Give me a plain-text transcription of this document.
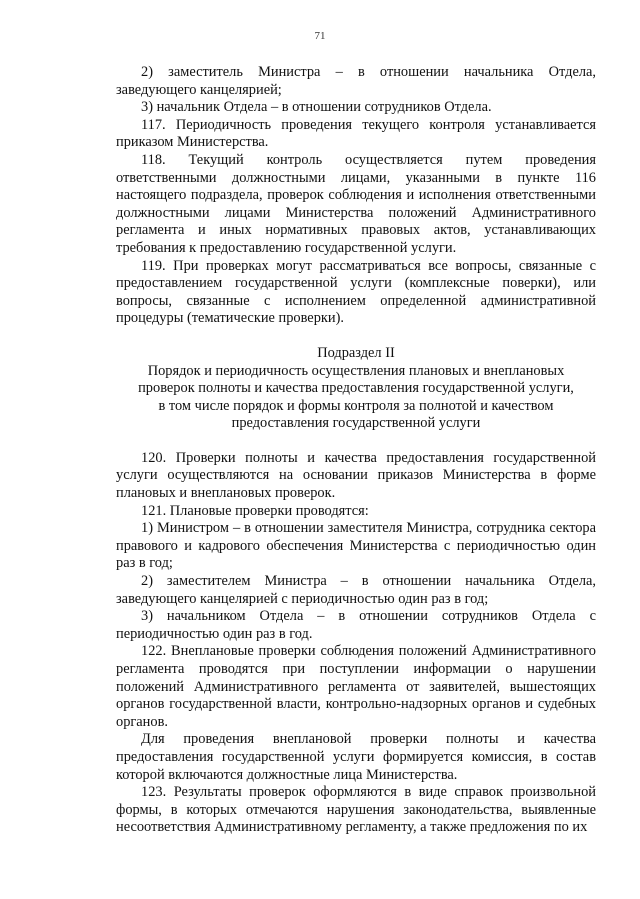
71

2) заместитель Министра – в отношении начальника Отдела, заведующего канцелярией;

3) начальник Отдела – в отношении сотрудников Отдела.

117. Периодичность проведения текущего контроля устанавливается приказом Министерства.

118. Текущий контроль осуществляется путем проведения ответственными должностными лицами, указанными в пункте 116 настоящего подраздела, проверок соблюдения и исполнения ответственными должностными лицами Министерства положений Административного регламента и иных нормативных правовых актов, устанавливающих требования к предоставлению государственной услуги.

119. При проверках могут рассматриваться все вопросы, связанные с предоставлением государственной услуги (комплексные поверки), или вопросы, связанные с исполнением определенной административной процедуры (тематические проверки).

Подраздел II
Порядок и периодичность осуществления плановых и внеплановых
проверок полноты и качества предоставления государственной услуги,
в том числе порядок и формы контроля за полнотой и качеством
предоставления государственной услуги

120. Проверки полноты и качества предоставления государственной услуги осуществляются на основании приказов Министерства в форме плановых и внеплановых проверок.

121. Плановые проверки проводятся:

1) Министром – в отношении заместителя Министра, сотрудника сектора правового и кадрового обеспечения Министерства с периодичностью один раз в год;

2) заместителем Министра – в отношении начальника Отдела, заведующего канцелярией с периодичностью один раз в год;

3) начальником Отдела – в отношении сотрудников Отдела с периодичностью один раз в год.

122. Внеплановые проверки соблюдения положений Административного регламента проводятся при поступлении информации о нарушении положений Административного регламента от заявителей, вышестоящих органов государственной власти, контрольно-надзорных органов и судебных органов.

Для проведения внеплановой проверки полноты и качества предоставления государственной услуги формируется комиссия, в состав которой включаются должностные лица Министерства.

123. Результаты проверок оформляются в виде справок произвольной формы, в которых отмечаются нарушения законодательства, выявленные несоответствия Административному регламенту, а также предложения по их
